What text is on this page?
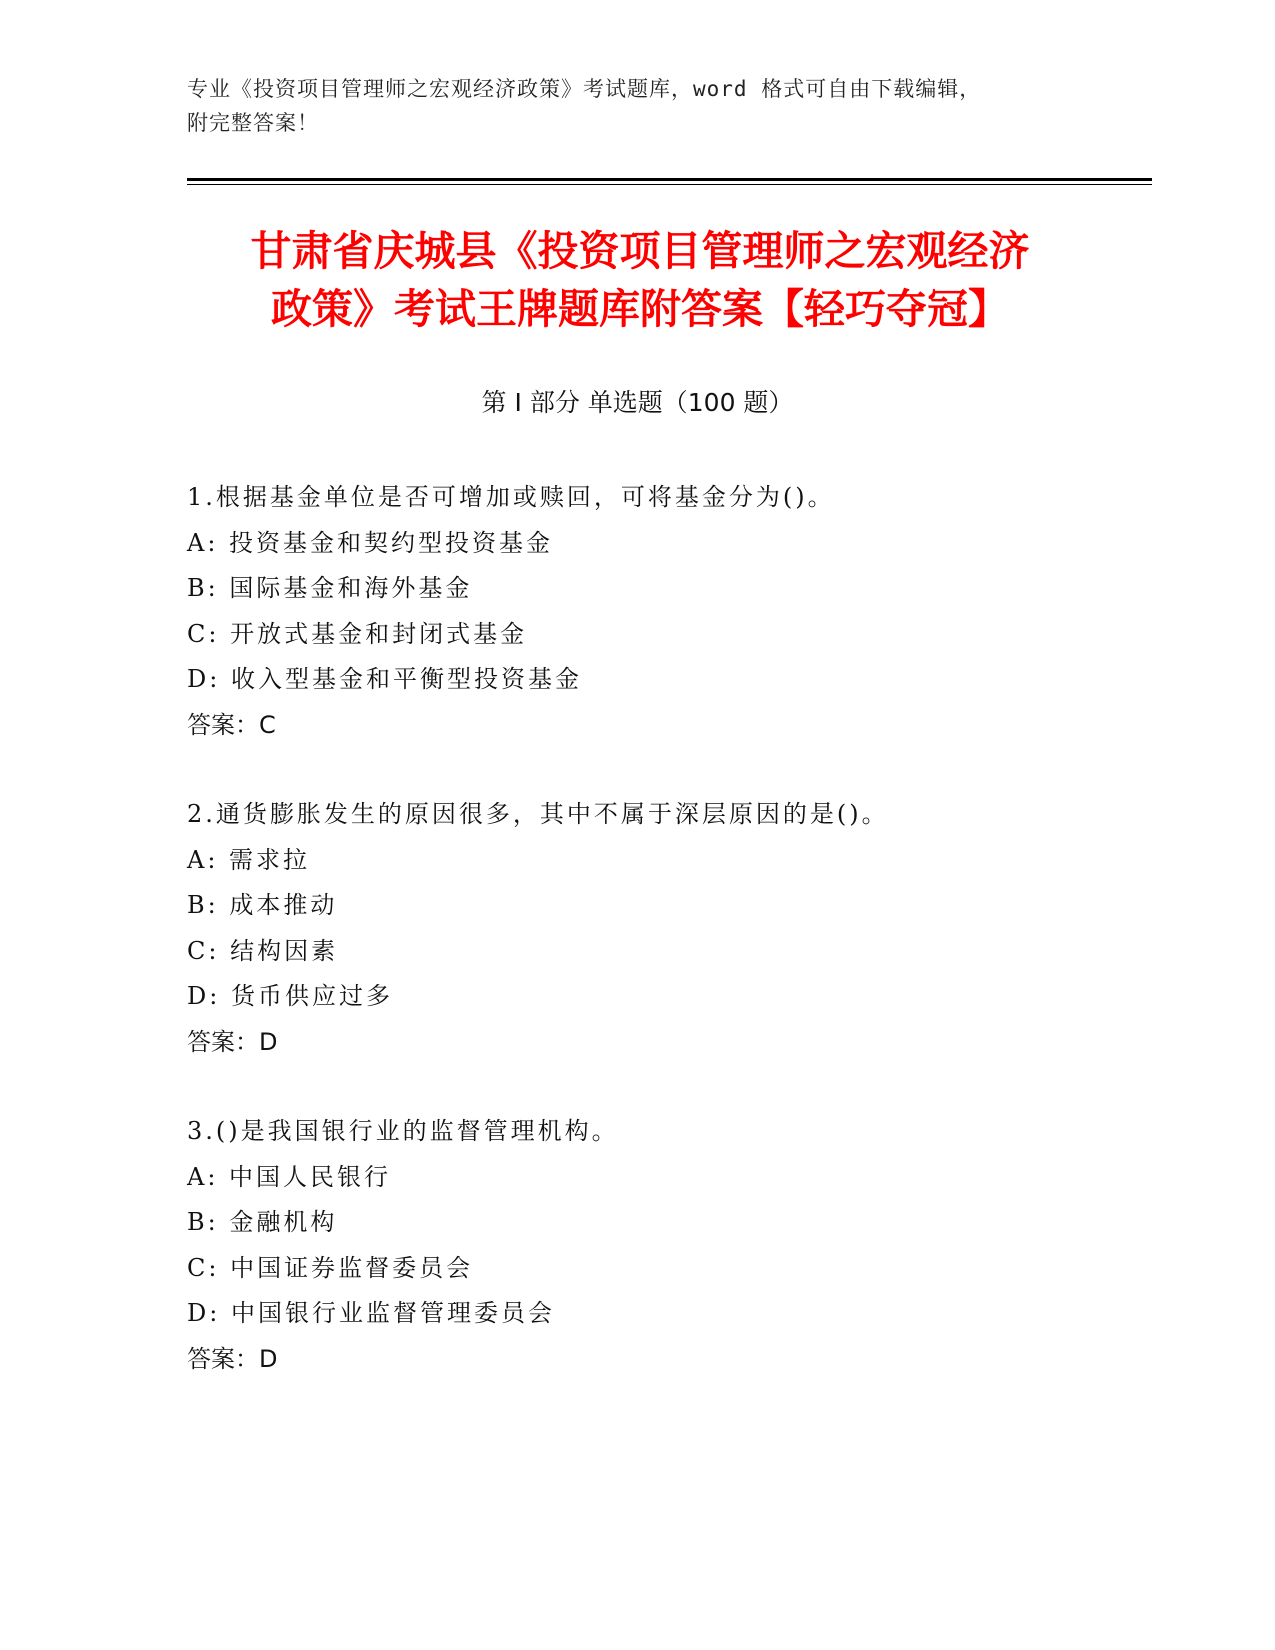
专业《投资项目管理师之宏观经济政策》考试题库，word 格式可自由下载编辑，
附完整答案！
甘肃省庆城县《投资项目管理师之宏观经济
政策》考试王牌题库附答案【轻巧夺冠】
第 I 部分 单选题（100 题）
1.根据基金单位是否可增加或赎回，可将基金分为()。
A: 投资基金和契约型投资基金
B: 国际基金和海外基金
C: 开放式基金和封闭式基金
D: 收入型基金和平衡型投资基金
答案：C
2.通货膨胀发生的原因很多，其中不属于深层原因的是()。
A: 需求拉
B: 成本推动
C: 结构因素
D: 货币供应过多
答案：D
3.()是我国银行业的监督管理机构。
A: 中国人民银行
B: 金融机构
C: 中国证券监督委员会
D: 中国银行业监督管理委员会
答案：D
